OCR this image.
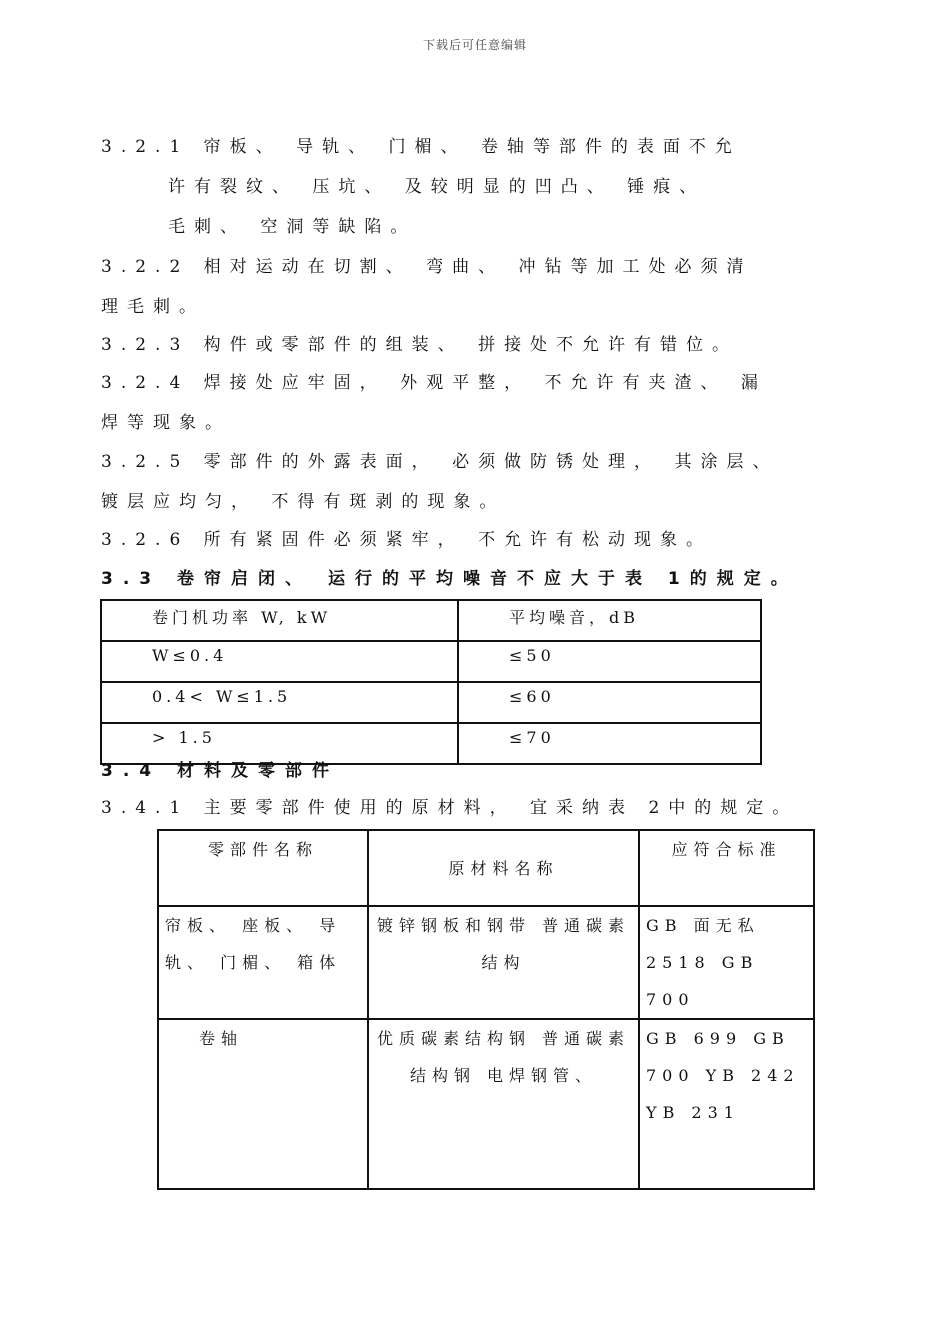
下载后可任意编辑
3.2.1 帘板、 导轨、 门楣、 卷轴等部件的表面不允
许有裂纹、 压坑、 及较明显的凹凸、 锤痕、
毛刺、 空洞等缺陷。
3.2.2 相对运动在切割、 弯曲、 冲钻等加工处必须清
理毛刺。
3.2.3 构件或零部件的组装、 拼接处不允许有错位。
3.2.4 焊接处应牢固， 外观平整， 不允许有夹渣、 漏
焊等现象。
3.2.5 零部件的外露表面， 必须做防锈处理， 其涂层、
镀层应均匀， 不得有斑剥的现象。
3.2.6 所有紧固件必须紧牢， 不允许有松动现象。
3.3 卷帘启闭、 运行的平均噪音不应大于表 1的规定。
卷门机功率 W, kW	平均噪音，dB
W≤0.4	≤50
0.4< W≤1.5	≤60
> 1.5	≤70
3.4 材料及零部件
3.4.1 主要零部件使用的原材料， 宜采纳表 2中的规定。
零部件名称	原材料名称	应符合标准
帘板、 座板、 导轨、 门楣、 箱体	镀锌钢板和钢带 普通碳素结构	GB 面无私 2518 GB 700
卷轴	优质碳素结构钢 普通碳素结构钢 电焊钢管、	GB 699 GB 700 YB 242 YB 231
